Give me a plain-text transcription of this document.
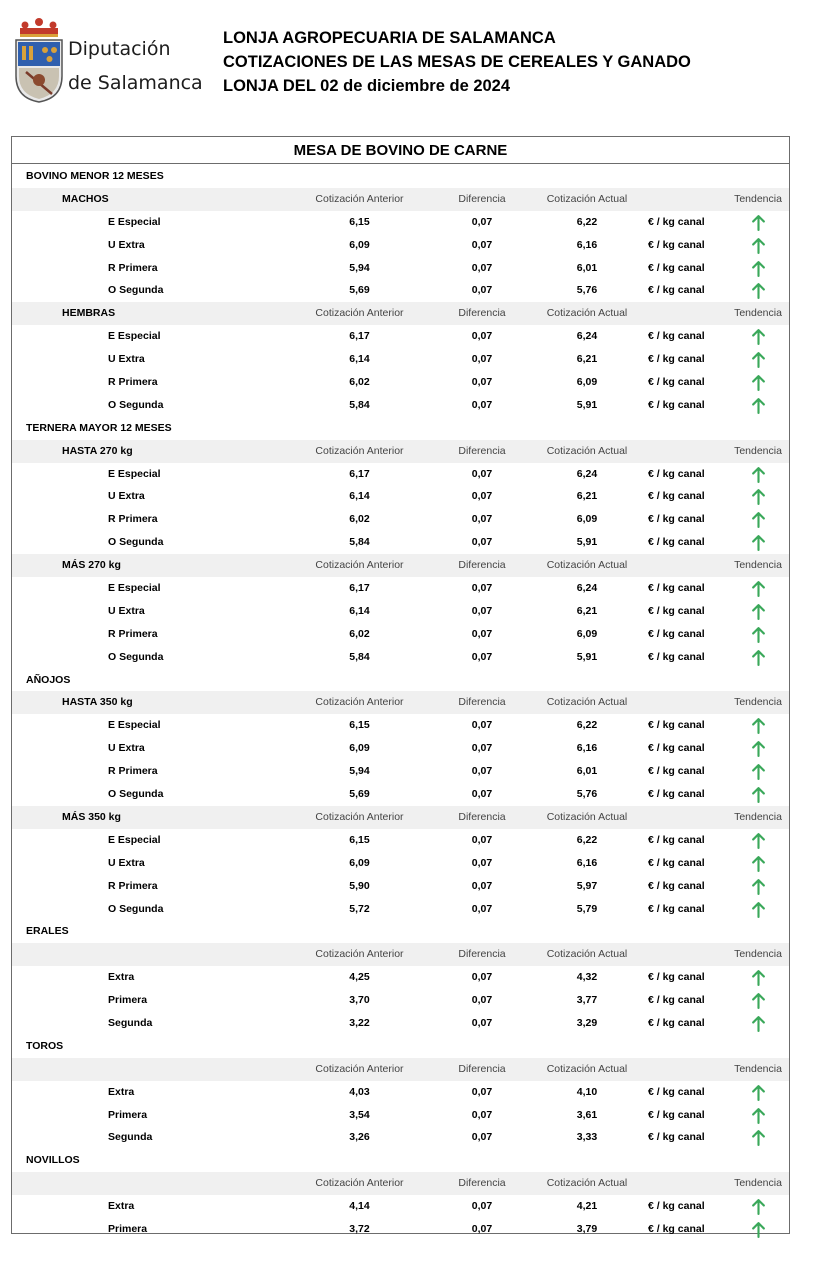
Diputación
de Salamanca
LONJA AGROPECUARIA DE SALAMANCA
COTIZACIONES DE LAS MESAS DE CEREALES Y GANADO
LONJA DEL 02 de diciembre de 2024
MESA DE BOVINO DE CARNE
BOVINO MENOR 12 MESES
MACHOS	Cotización Anterior	Diferencia	Cotización Actual	Tendencia
E Especial	6,15	0,07	6,22	€ / kg canal
U Extra	6,09	0,07	6,16	€ / kg canal
R Primera	5,94	0,07	6,01	€ / kg canal
O Segunda	5,69	0,07	5,76	€ / kg canal
HEMBRAS	Cotización Anterior	Diferencia	Cotización Actual	Tendencia
E Especial	6,17	0,07	6,24	€ / kg canal
U Extra	6,14	0,07	6,21	€ / kg canal
R Primera	6,02	0,07	6,09	€ / kg canal
O Segunda	5,84	0,07	5,91	€ / kg canal
TERNERA MAYOR 12 MESES
HASTA 270 kg	Cotización Anterior	Diferencia	Cotización Actual	Tendencia
E Especial	6,17	0,07	6,24	€ / kg canal
U Extra	6,14	0,07	6,21	€ / kg canal
R Primera	6,02	0,07	6,09	€ / kg canal
O Segunda	5,84	0,07	5,91	€ / kg canal
MÁS 270 kg	Cotización Anterior	Diferencia	Cotización Actual	Tendencia
E Especial	6,17	0,07	6,24	€ / kg canal
U Extra	6,14	0,07	6,21	€ / kg canal
R Primera	6,02	0,07	6,09	€ / kg canal
O Segunda	5,84	0,07	5,91	€ / kg canal
AÑOJOS
HASTA 350 kg	Cotización Anterior	Diferencia	Cotización Actual	Tendencia
E Especial	6,15	0,07	6,22	€ / kg canal
U Extra	6,09	0,07	6,16	€ / kg canal
R Primera	5,94	0,07	6,01	€ / kg canal
O Segunda	5,69	0,07	5,76	€ / kg canal
MÁS 350 kg	Cotización Anterior	Diferencia	Cotización Actual	Tendencia
E Especial	6,15	0,07	6,22	€ / kg canal
U Extra	6,09	0,07	6,16	€ / kg canal
R Primera	5,90	0,07	5,97	€ / kg canal
O Segunda	5,72	0,07	5,79	€ / kg canal
ERALES
Cotización Anterior	Diferencia	Cotización Actual	Tendencia
Extra	4,25	0,07	4,32	€ / kg canal
Primera	3,70	0,07	3,77	€ / kg canal
Segunda	3,22	0,07	3,29	€ / kg canal
TOROS
Cotización Anterior	Diferencia	Cotización Actual	Tendencia
Extra	4,03	0,07	4,10	€ / kg canal
Primera	3,54	0,07	3,61	€ / kg canal
Segunda	3,26	0,07	3,33	€ / kg canal
NOVILLOS
Cotización Anterior	Diferencia	Cotización Actual	Tendencia
Extra	4,14	0,07	4,21	€ / kg canal
Primera	3,72	0,07	3,79	€ / kg canal
